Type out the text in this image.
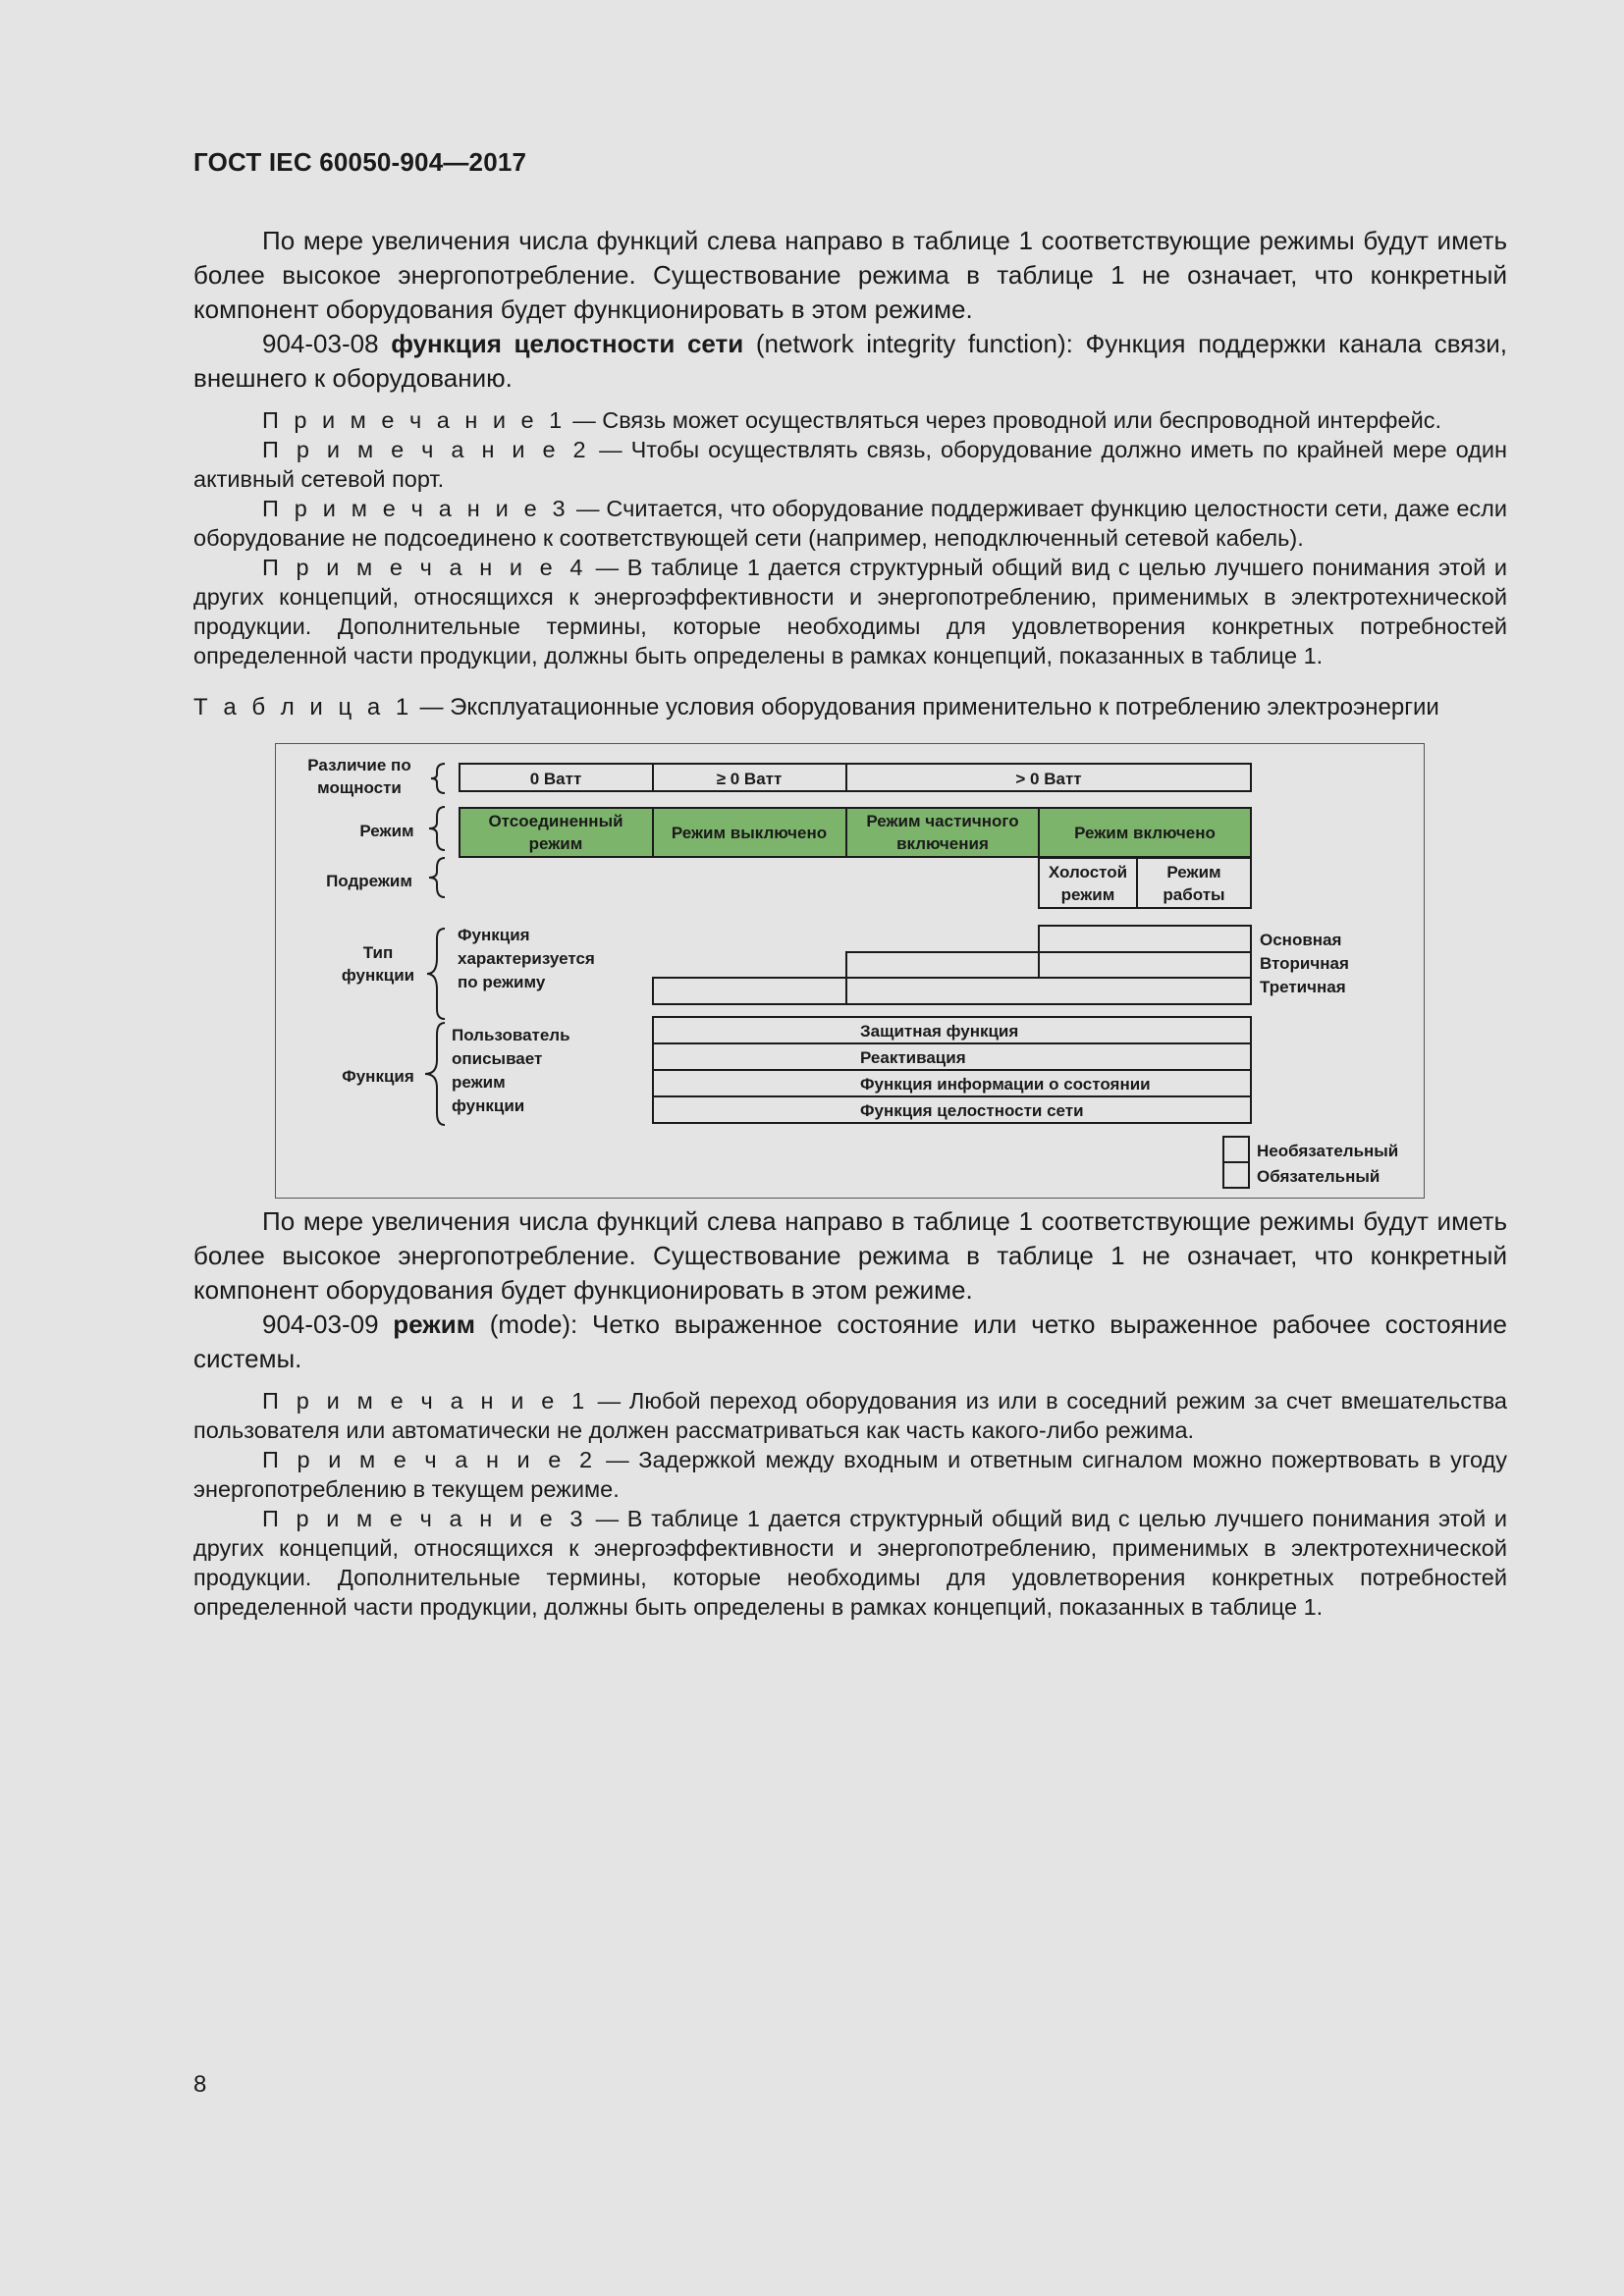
ГОСТ IEC 60050-904—2017

По мере увеличения числа функций слева направо в таблице 1 соответствующие режимы будут иметь более высокое энергопотребление. Существование режима в таблице 1 не означает, что конкретный компонент оборудования будет функционировать в этом режиме.

904-03-08 функция целостности сети (network integrity function): Функция поддержки канала связи, внешнего к оборудованию.

П р и м е ч а н и е 1 — Связь может осуществляться через проводной или беспроводной интерфейс.

П р и м е ч а н и е 2 — Чтобы осуществлять связь, оборудование должно иметь по крайней мере один активный сетевой порт.

П р и м е ч а н и е 3 — Считается, что оборудование поддерживает функцию целостности сети, даже если оборудование не подсоединено к соответствующей сети (например, неподключенный сетевой кабель).

П р и м е ч а н и е 4 — В таблице 1 дается структурный общий вид с целью лучшего понимания этой и других концепций, относящихся к энергоэффективности и энергопотреблению, применимых в электротехнической продукции. Дополнительные термины, которые необходимы для удовлетворения конкретных потребностей определенной части продукции, должны быть определены в рамках концепций, показанных в таблице 1.

Т а б л и ц а 1 — Эксплуатационные условия оборудования применительно к потреблению электроэнергии
Различие по
мощности
Режим
Подрежим
Тип
функции
Функция
Функция
характеризуется
по режиму
Пользователь
описывает
режим
функции
0 Ватт	≥ 0 Ватт	> 0 Ватт
Отсоединенный
режим
Режим выключено
Режим частичного
включения
Режим включено
Холостой
режим
Режим
работы
Защитная функция
Реактивация
Функция информации о состоянии
Функция целостности сети
Основная
Вторичная
Третичная
Необязательный
Обязательный

По мере увеличения числа функций слева направо в таблице 1 соответствующие режимы будут иметь более высокое энергопотребление. Существование режима в таблице 1 не означает, что конкретный компонент оборудования будет функционировать в этом режиме.

904-03-09 режим (mode): Четко выраженное состояние или четко выраженное рабочее состояние системы.

П р и м е ч а н и е 1 — Любой переход оборудования из или в соседний режим за счет вмешательства пользователя или автоматически не должен рассматриваться как часть какого-либо режима.

П р и м е ч а н и е 2 — Задержкой между входным и ответным сигналом можно пожертвовать в угоду энергопотреблению в текущем режиме.

П р и м е ч а н и е 3 — В таблице 1 дается структурный общий вид с целью лучшего понимания этой и других концепций, относящихся к энергоэффективности и энергопотреблению, применимых в электротехнической продукции. Дополнительные термины, которые необходимы для удовлетворения конкретных потребностей определенной части продукции, должны быть определены в рамках концепций, показанных в таблице 1.

8
